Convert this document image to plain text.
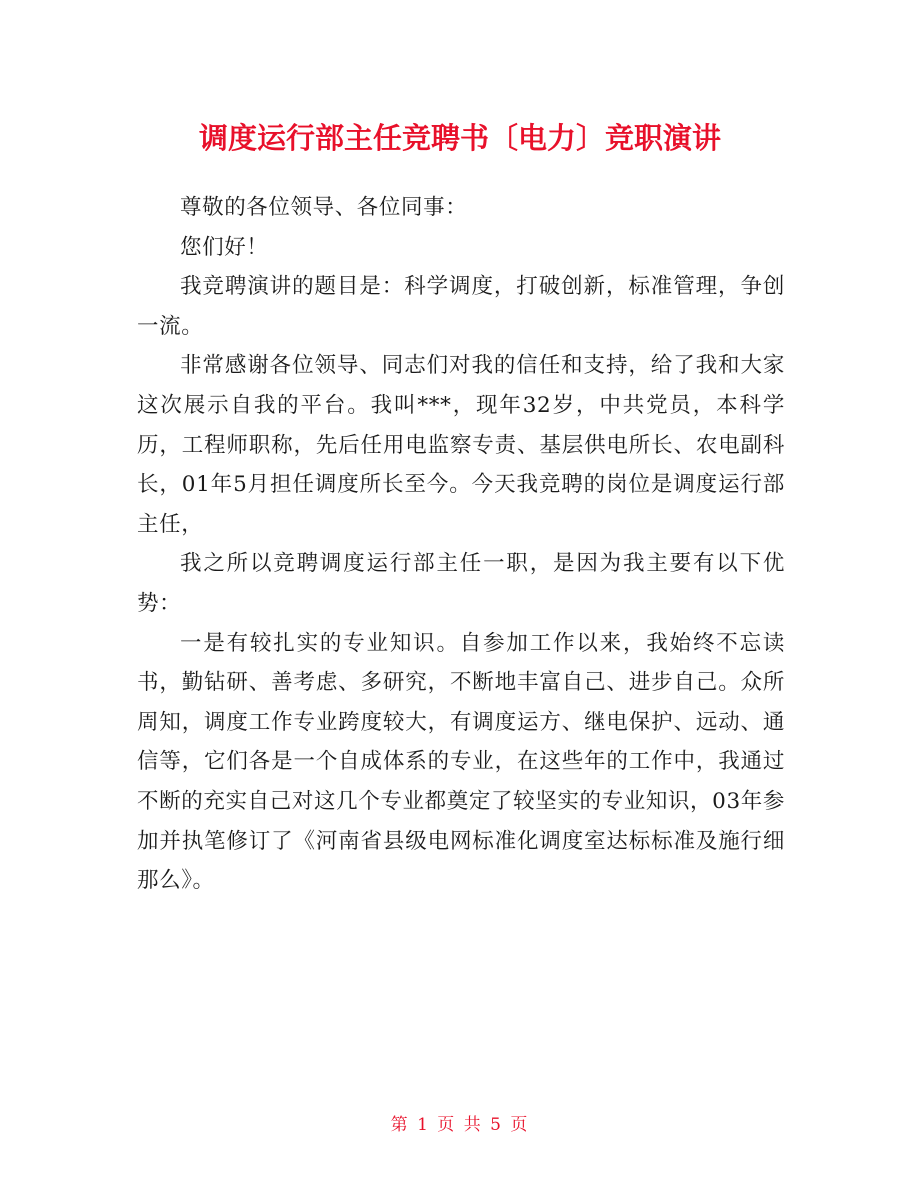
调度运行部主任竞聘书〔电力〕竞职演讲

尊敬的各位领导、各位同事：

您们好！

我竞聘演讲的题目是：科学调度，打破创新，标准管理，争创一流。

非常感谢各位领导、同志们对我的信任和支持，给了我和大家这次展示自我的平台。我叫***，现年32岁，中共党员，本科学历，工程师职称，先后任用电监察专责、基层供电所长、农电副科长，01年5月担任调度所长至今。今天我竞聘的岗位是调度运行部主任，

我之所以竞聘调度运行部主任一职，是因为我主要有以下优势：

一是有较扎实的专业知识。自参加工作以来，我始终不忘读书，勤钻研、善考虑、多研究，不断地丰富自己、进步自己。众所周知，调度工作专业跨度较大，有调度运方、继电保护、远动、通信等，它们各是一个自成体系的专业，在这些年的工作中，我通过不断的充实自己对这几个专业都奠定了较坚实的专业知识，03年参加并执笔修订了《河南省县级电网标准化调度室达标标准及施行细那么》。

第 1 页 共 5 页
